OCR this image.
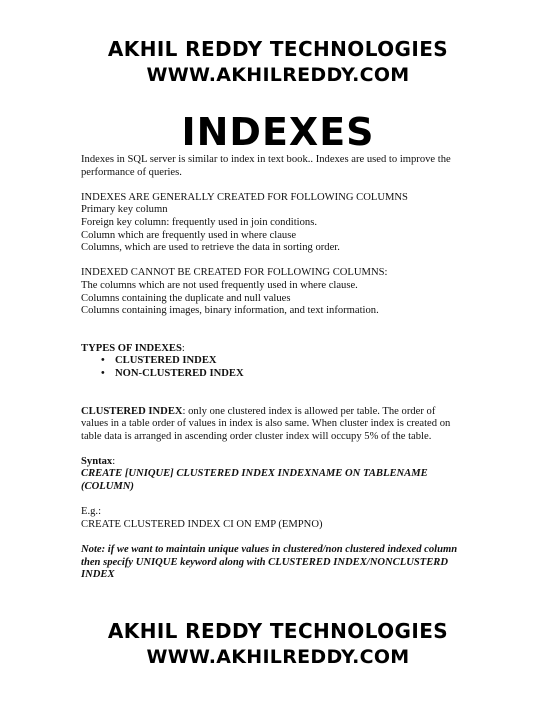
AKHIL REDDY TECHNOLOGIES
WWW.AKHILREDDY.COM
INDEXES

Indexes in SQL server is similar to index in text book.. Indexes are used to improve the

performance of queries.

INDEXES ARE GENERALLY CREATED FOR FOLLOWING COLUMNS

Primary key column

Foreign key column: frequently used in join conditions.

Column which are frequently used in where clause

Columns, which are used to retrieve the data in sorting order.

INDEXED CANNOT BE CREATED FOR FOLLOWING COLUMNS:

The columns which are not used frequently used in where clause.

Columns containing the duplicate and null values

Columns containing images, binary information, and text information.

TYPES OF INDEXES:

• CLUSTERED INDEX
• NON-CLUSTERED INDEX

CLUSTERED INDEX: only one clustered index is allowed per table. The order of

values in a table order of values in index is also same. When cluster index is created on

table data is arranged in ascending order cluster index will occupy 5% of the table.

Syntax:

CREATE [UNIQUE] CLUSTERED INDEX INDEXNAME ON TABLENAME

(COLUMN)

E.g.:

CREATE CLUSTERED INDEX CI ON EMP (EMPNO)

Note: if we want to maintain unique values in clustered/non clustered indexed column

then specify UNIQUE keyword along with CLUSTERED INDEX/NONCLUSTERD

INDEX

AKHIL REDDY TECHNOLOGIES
WWW.AKHILREDDY.COM
